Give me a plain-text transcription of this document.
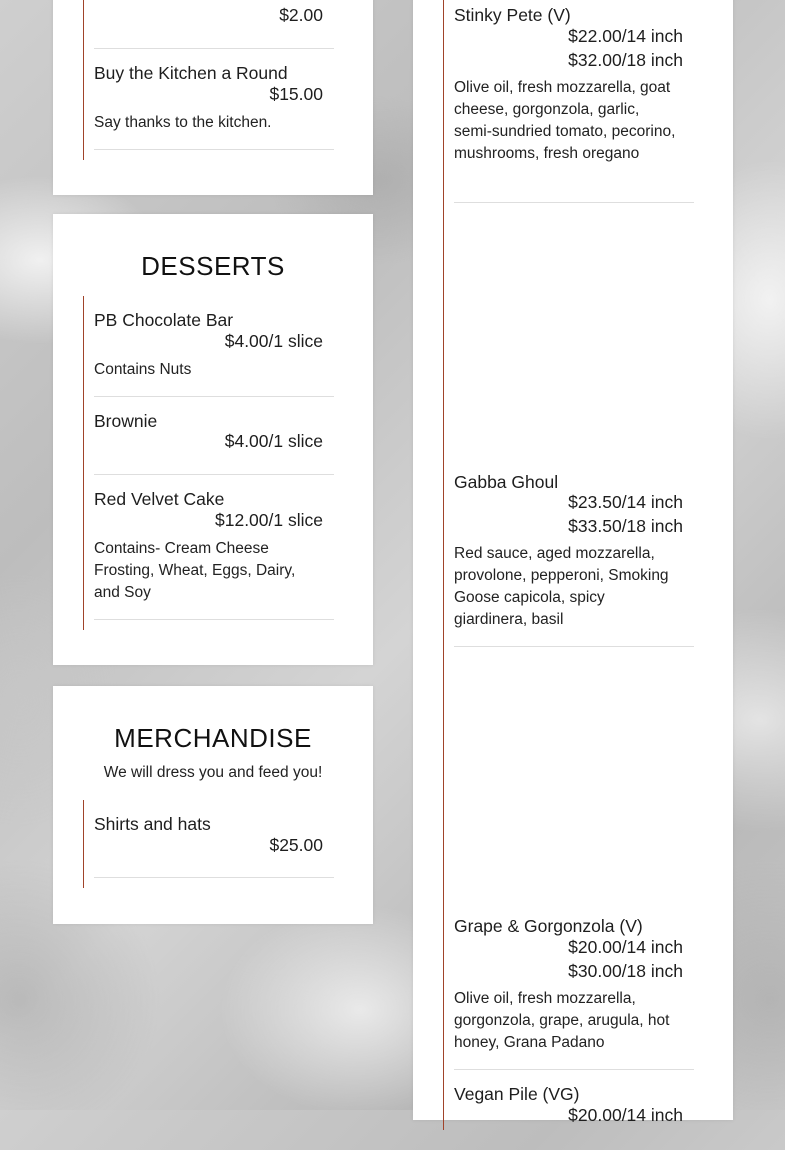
$2.00
Buy the Kitchen a Round
$15.00
Say thanks to the kitchen.
DESSERTS
PB Chocolate Bar
$4.00/1 slice
Contains Nuts
Brownie
$4.00/1 slice
Red Velvet Cake
$12.00/1 slice
Contains- Cream Cheese Frosting, Wheat, Eggs, Dairy, and Soy
MERCHANDISE
We will dress you and feed you!
Shirts and hats
$25.00
Stinky Pete (V)
$22.00/14 inch
$32.00/18 inch
Olive oil, fresh mozzarella, goat cheese, gorgonzola, garlic, semi-sundried tomato, pecorino, mushrooms, fresh oregano
Gabba Ghoul
$23.50/14 inch
$33.50/18 inch
Red sauce, aged mozzarella, provolone, pepperoni, Smoking Goose capicola, spicy giardinera, basil
Grape & Gorgonzola (V)
$20.00/14 inch
$30.00/18 inch
Olive oil, fresh mozzarella, gorgonzola, grape, arugula, hot honey, Grana Padano
Vegan Pile (VG)
$20.00/14 inch
